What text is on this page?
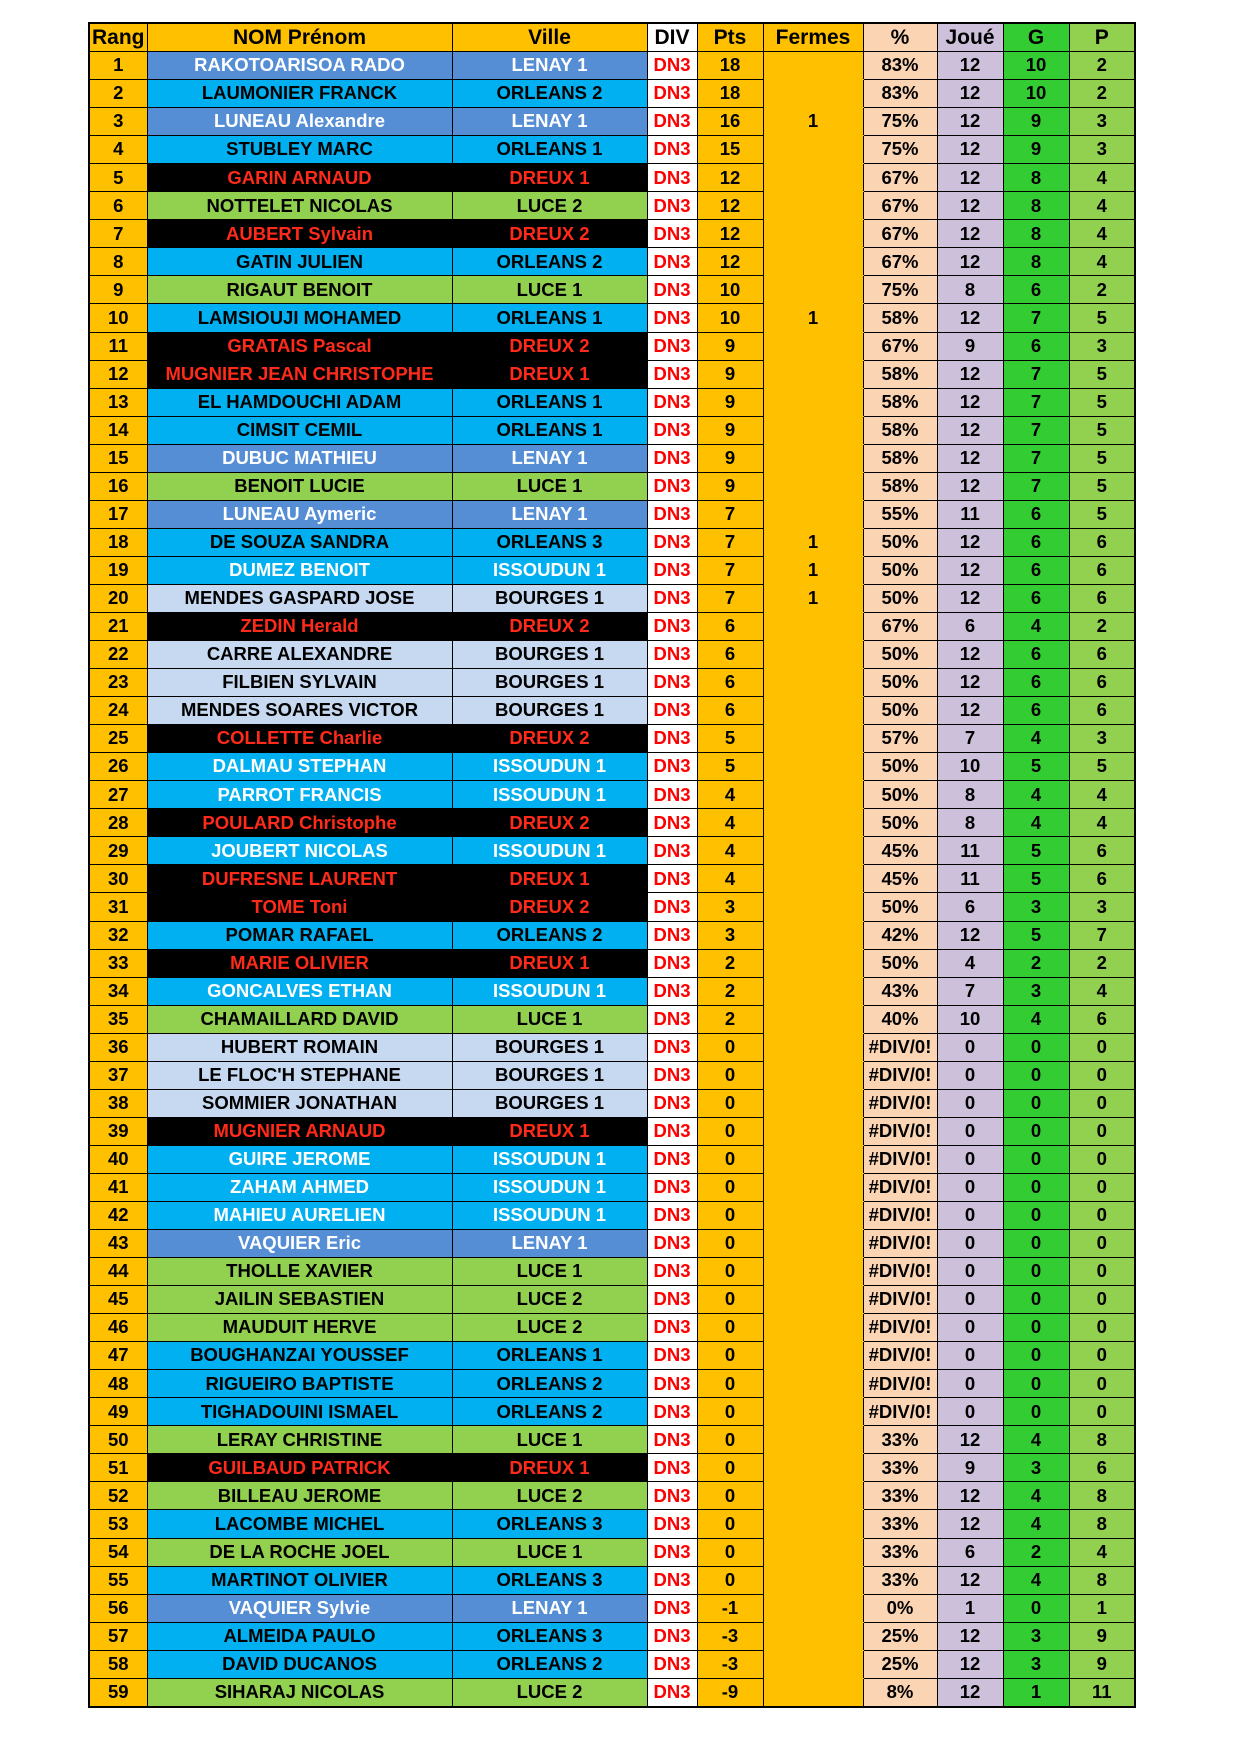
Rang	NOM Prénom	Ville	DIV	Pts	Fermes	%	Joué	G	P
1	RAKOTOARISOA RADO	LENAY 1	DN3	18		83%	12	10	2
2	LAUMONIER FRANCK	ORLEANS 2	DN3	18		83%	12	10	2
3	LUNEAU Alexandre	LENAY 1	DN3	16	1	75%	12	9	3
4	STUBLEY MARC	ORLEANS 1	DN3	15		75%	12	9	3
5	GARIN ARNAUD	DREUX 1	DN3	12		67%	12	8	4
6	NOTTELET NICOLAS	LUCE 2	DN3	12		67%	12	8	4
7	AUBERT Sylvain	DREUX 2	DN3	12		67%	12	8	4
8	GATIN JULIEN	ORLEANS 2	DN3	12		67%	12	8	4
9	RIGAUT BENOIT	LUCE 1	DN3	10		75%	8	6	2
10	LAMSIOUJI MOHAMED	ORLEANS 1	DN3	10	1	58%	12	7	5
11	GRATAIS Pascal	DREUX 2	DN3	9		67%	9	6	3
12	MUGNIER JEAN CHRISTOPHE	DREUX 1	DN3	9		58%	12	7	5
13	EL HAMDOUCHI ADAM	ORLEANS 1	DN3	9		58%	12	7	5
14	CIMSIT CEMIL	ORLEANS 1	DN3	9		58%	12	7	5
15	DUBUC MATHIEU	LENAY 1	DN3	9		58%	12	7	5
16	BENOIT LUCIE	LUCE 1	DN3	9		58%	12	7	5
17	LUNEAU Aymeric	LENAY 1	DN3	7		55%	11	6	5
18	DE SOUZA SANDRA	ORLEANS 3	DN3	7	1	50%	12	6	6
19	DUMEZ BENOIT	ISSOUDUN 1	DN3	7	1	50%	12	6	6
20	MENDES GASPARD JOSE	BOURGES 1	DN3	7	1	50%	12	6	6
21	ZEDIN Herald	DREUX 2	DN3	6		67%	6	4	2
22	CARRE ALEXANDRE	BOURGES 1	DN3	6		50%	12	6	6
23	FILBIEN SYLVAIN	BOURGES 1	DN3	6		50%	12	6	6
24	MENDES SOARES VICTOR	BOURGES 1	DN3	6		50%	12	6	6
25	COLLETTE Charlie	DREUX 2	DN3	5		57%	7	4	3
26	DALMAU STEPHAN	ISSOUDUN 1	DN3	5		50%	10	5	5
27	PARROT FRANCIS	ISSOUDUN 1	DN3	4		50%	8	4	4
28	POULARD Christophe	DREUX 2	DN3	4		50%	8	4	4
29	JOUBERT NICOLAS	ISSOUDUN 1	DN3	4		45%	11	5	6
30	DUFRESNE LAURENT	DREUX 1	DN3	4		45%	11	5	6
31	TOME Toni	DREUX 2	DN3	3		50%	6	3	3
32	POMAR RAFAEL	ORLEANS 2	DN3	3		42%	12	5	7
33	MARIE OLIVIER	DREUX 1	DN3	2		50%	4	2	2
34	GONCALVES ETHAN	ISSOUDUN 1	DN3	2		43%	7	3	4
35	CHAMAILLARD DAVID	LUCE 1	DN3	2		40%	10	4	6
36	HUBERT ROMAIN	BOURGES 1	DN3	0		#DIV/0!	0	0	0
37	LE FLOC'H STEPHANE	BOURGES 1	DN3	0		#DIV/0!	0	0	0
38	SOMMIER JONATHAN	BOURGES 1	DN3	0		#DIV/0!	0	0	0
39	MUGNIER ARNAUD	DREUX 1	DN3	0		#DIV/0!	0	0	0
40	GUIRE JEROME	ISSOUDUN 1	DN3	0		#DIV/0!	0	0	0
41	ZAHAM AHMED	ISSOUDUN 1	DN3	0		#DIV/0!	0	0	0
42	MAHIEU AURELIEN	ISSOUDUN 1	DN3	0		#DIV/0!	0	0	0
43	VAQUIER Eric	LENAY 1	DN3	0		#DIV/0!	0	0	0
44	THOLLE XAVIER	LUCE 1	DN3	0		#DIV/0!	0	0	0
45	JAILIN SEBASTIEN	LUCE 2	DN3	0		#DIV/0!	0	0	0
46	MAUDUIT HERVE	LUCE 2	DN3	0		#DIV/0!	0	0	0
47	BOUGHANZAI YOUSSEF	ORLEANS 1	DN3	0		#DIV/0!	0	0	0
48	RIGUEIRO BAPTISTE	ORLEANS 2	DN3	0		#DIV/0!	0	0	0
49	TIGHADOUINI ISMAEL	ORLEANS 2	DN3	0		#DIV/0!	0	0	0
50	LERAY CHRISTINE	LUCE 1	DN3	0		33%	12	4	8
51	GUILBAUD PATRICK	DREUX 1	DN3	0		33%	9	3	6
52	BILLEAU JEROME	LUCE 2	DN3	0		33%	12	4	8
53	LACOMBE MICHEL	ORLEANS 3	DN3	0		33%	12	4	8
54	DE LA ROCHE JOEL	LUCE 1	DN3	0		33%	6	2	4
55	MARTINOT OLIVIER	ORLEANS 3	DN3	0		33%	12	4	8
56	VAQUIER Sylvie	LENAY 1	DN3	-1		0%	1	0	1
57	ALMEIDA PAULO	ORLEANS 3	DN3	-3		25%	12	3	9
58	DAVID DUCANOS	ORLEANS 2	DN3	-3		25%	12	3	9
59	SIHARAJ NICOLAS	LUCE 2	DN3	-9		8%	12	1	11
